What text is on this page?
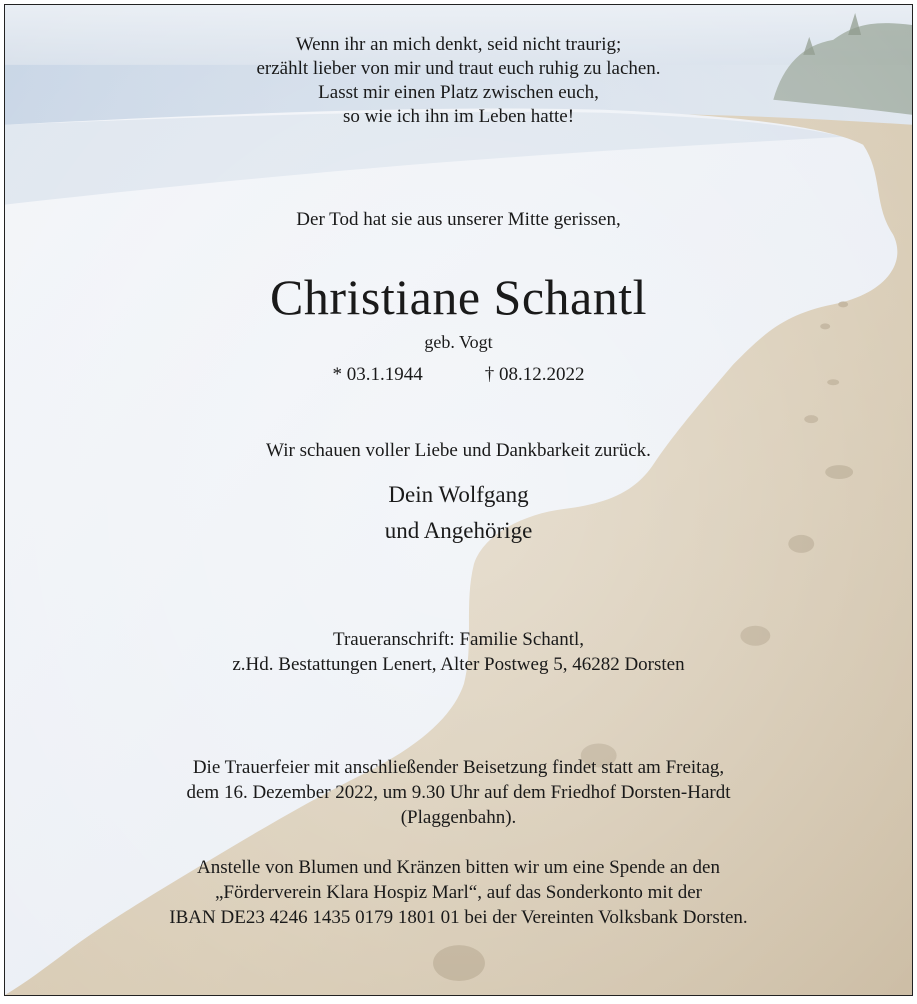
Wenn ihr an mich denkt, seid nicht traurig;
erzählt lieber von mir und traut euch ruhig zu lachen.
Lasst mir einen Platz zwischen euch,
so wie ich ihn im Leben hatte!
Der Tod hat sie aus unserer Mitte gerissen,
Christiane Schantl
geb. Vogt
* 03.1.1944	† 08.12.2022
Wir schauen voller Liebe und Dankbarkeit zurück.
Dein Wolfgang
und Angehörige
Traueranschrift: Familie Schantl,
z.Hd. Bestattungen Lenert, Alter Postweg 5, 46282 Dorsten
Die Trauerfeier mit anschließender Beisetzung findet statt am Freitag,
dem 16. Dezember 2022, um 9.30 Uhr auf dem Friedhof Dorsten-Hardt
(Plaggenbahn).
Anstelle von Blumen und Kränzen bitten wir um eine Spende an den
„Förderverein Klara Hospiz Marl“, auf das Sonderkonto mit der
IBAN DE23 4246 1435 0179 1801 01 bei der Vereinten Volksbank Dorsten.
